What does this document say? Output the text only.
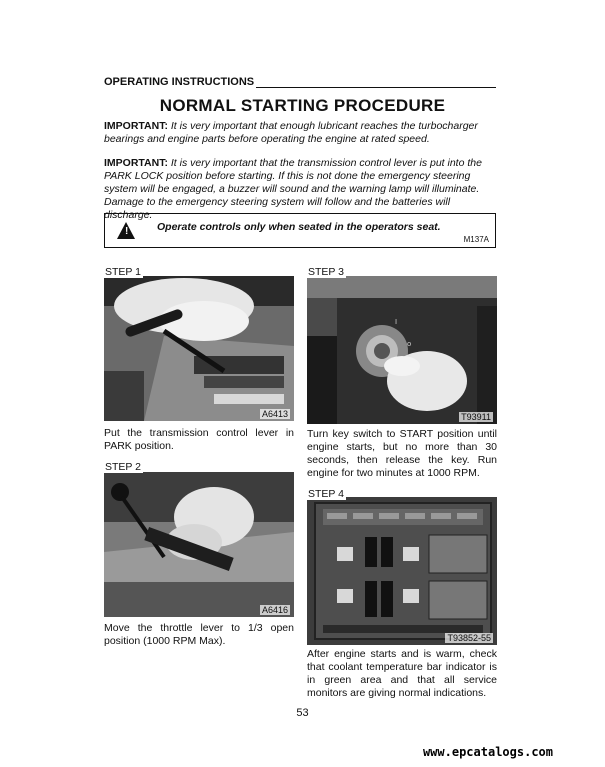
OPERATING INSTRUCTIONS
NORMAL STARTING PROCEDURE
IMPORTANT: It is very important that enough lubricant reaches the turbocharger bearings and engine parts before operating the engine at rated speed.
IMPORTANT: It is very important that the transmission control lever is put into the PARK LOCK position before starting. If this is not done the emergency steering system will be engaged, a buzzer will sound and the warning lamp will illuminate. Damage to the emergency steering system will follow and the batteries will discharge.
!	Operate controls only when seated in the operators seat.
M137A
STEP 1
A6413
Put the transmission control lever in PARK position.
STEP 2
A6416
Move the throttle lever to 1/3 open position (1000 RPM Max).
STEP 3
I
o
T93911
Turn key switch to START position until engine starts, but no more than 30 seconds, then release the key. Run engine for two minutes at 1000 RPM.
STEP 4
T93852-55
After engine starts and is warm, check that coolant temperature bar indicator is in green area and that all service monitors are giving normal indications.
53
www.epcatalogs.com
